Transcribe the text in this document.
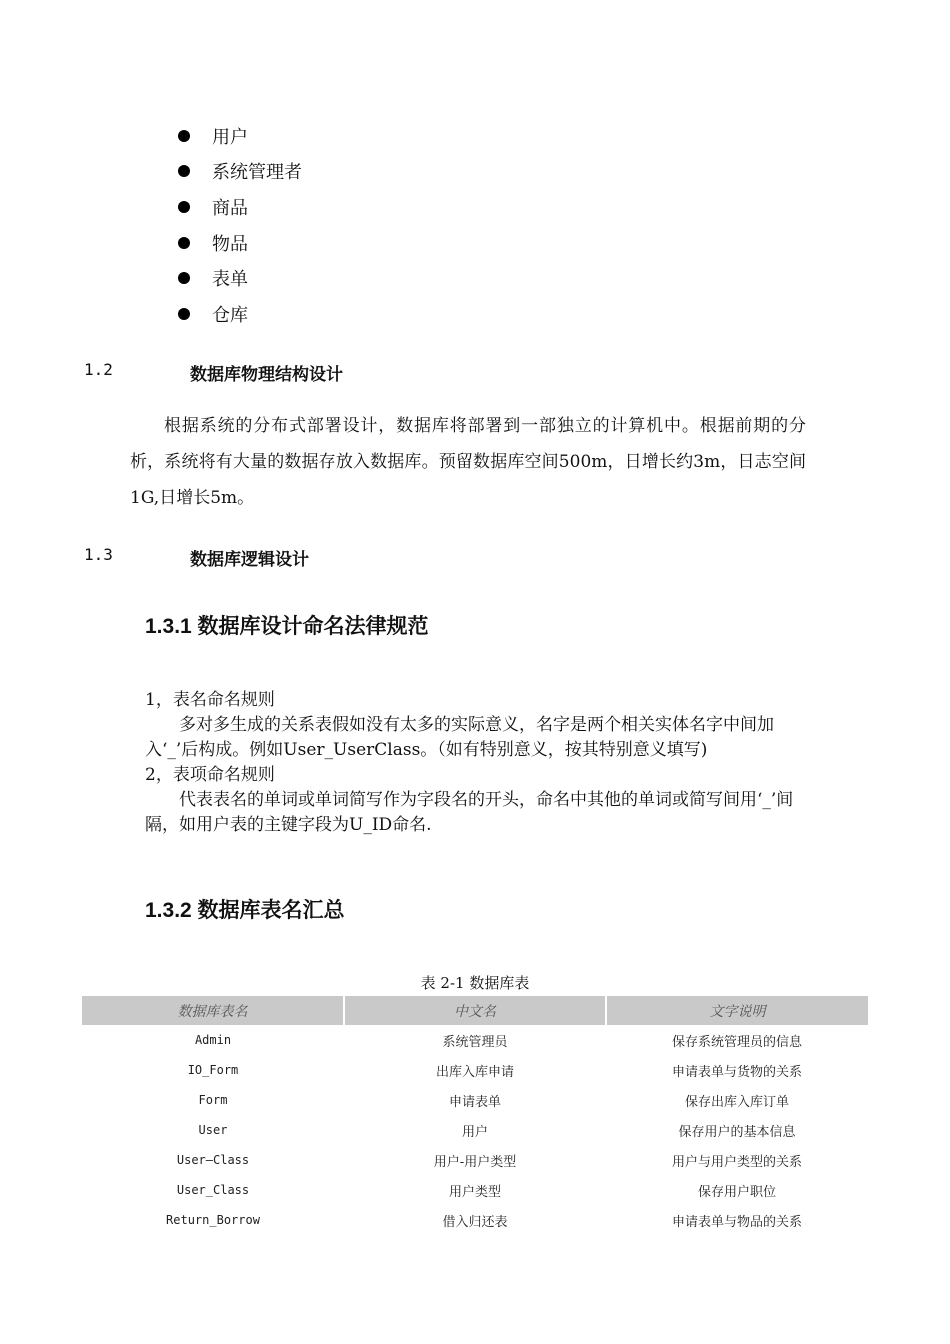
用户
系统管理者
商品
物品
表单
仓库
1.2	数据库物理结构设计
根据系统的分布式部署设计，数据库将部署到一部独立的计算机中。根据前期的分析，系统将有大量的数据存放入数据库。预留数据库空间500m，日增长约3m，日志空间1G,日增长5m。
1.3	数据库逻辑设计
1.3.1 数据库设计命名法律规范

1，表名命名规则

多对多生成的关系表假如没有太多的实际意义，名字是两个相关实体名字中间加入‘_’后构成。例如User_UserClass。（如有特别意义，按其特别意义填写)

2，表项命名规则

代表表名的单词或单词简写作为字段名的开头，命名中其他的单词或简写间用‘_’间隔，如用户表的主键字段为U_ID命名.

1.3.2 数据库表名汇总
表 2-1 数据库表
数据库表名	中文名	文字说明
Admin	系统管理员	保存系统管理员的信息
IO_Form	出库入库申请	申请表单与货物的关系
Form	申请表单	保存出库入库订单
User	用户	保存用户的基本信息
User—Class	用户-用户类型	用户与用户类型的关系
User_Class	用户类型	保存用户职位
Return_Borrow	借入归还表	申请表单与物品的关系
